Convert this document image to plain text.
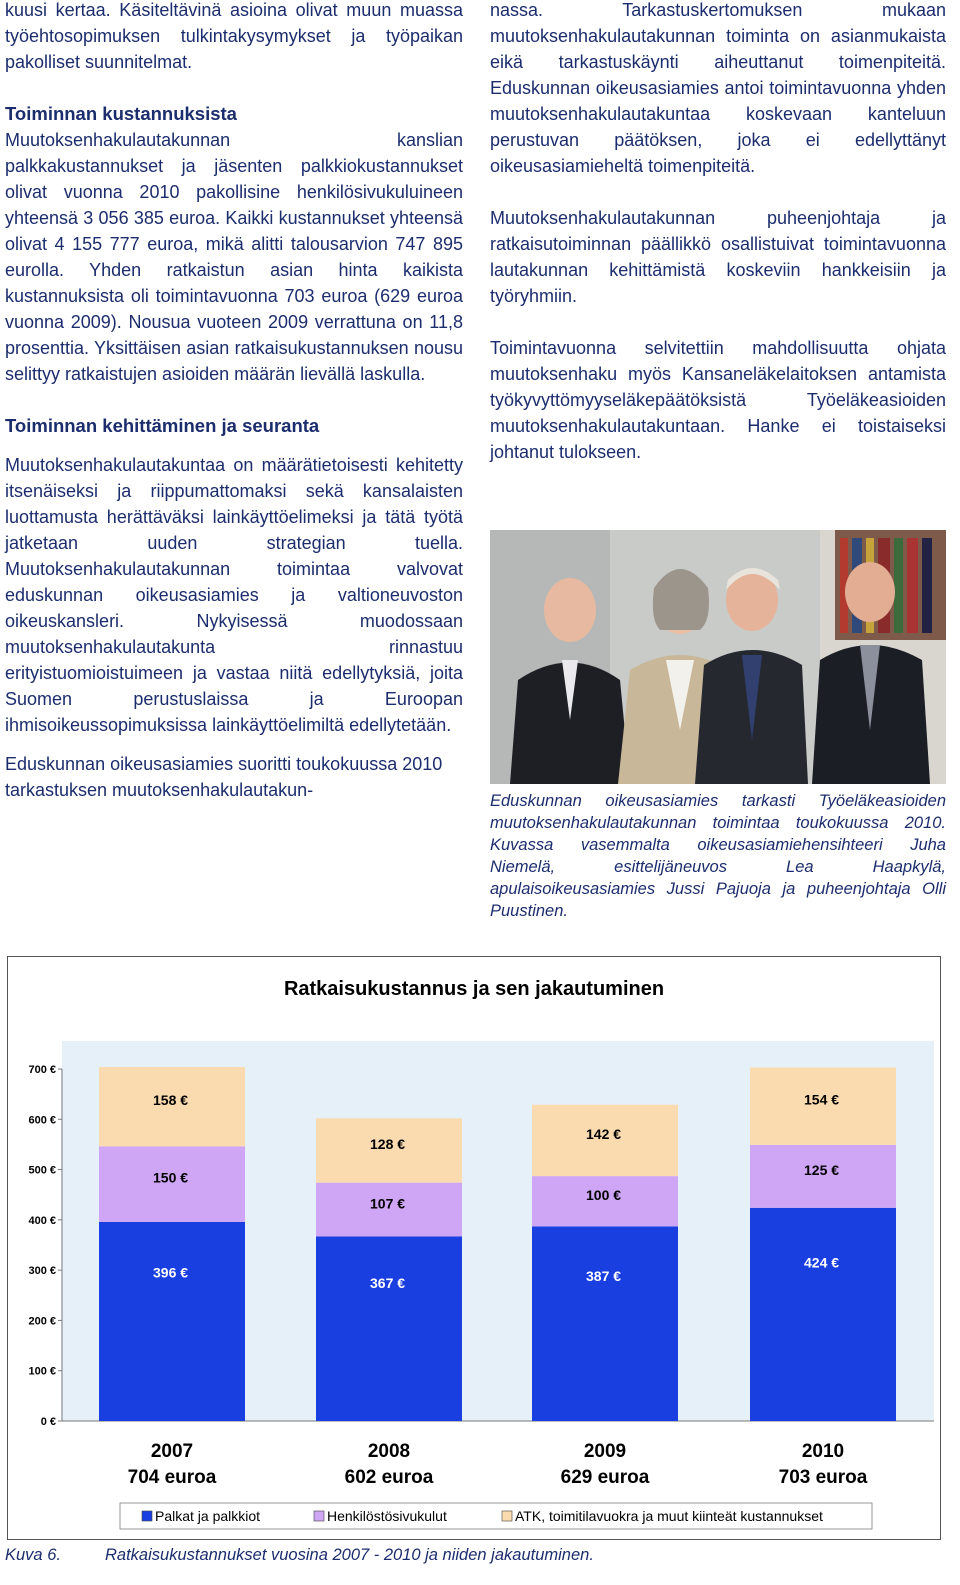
kuusi kertaa. Käsiteltävinä asioina olivat muun muassa työehtosopimuksen tulkintakysymykset ja työpaikan pakolliset suunnitelmat.

Toiminnan kustannuksista

Muutoksenhakulautakunnan kanslian palkkakustannukset ja jäsenten palkkiokustannukset olivat vuonna 2010 pakollisine henkilösivukuluineen yhteensä 3 056 385 euroa. Kaikki kustannukset yhteensä olivat 4 155 777 euroa, mikä alitti talousarvion 747 895 eurolla. Yhden ratkaistun asian hinta kaikista kustannuksista oli toimintavuonna 703 euroa (629 euroa vuonna 2009). Nousua vuoteen 2009 verrattuna on 11,8 prosenttia. Yksittäisen asian ratkaisukustannuksen nousu selittyy ratkaistujen asioiden määrän lievällä laskulla.

Toiminnan kehittäminen ja seuranta

Muutoksenhakulautakuntaa on määrätietoisesti kehitetty itsenäiseksi ja riippumattomaksi sekä kansalaisten luottamusta herättäväksi lainkäyttöelimeksi ja tätä työtä jatketaan uuden strategian tuella. Muutoksenhakulautakunnan toimintaa valvovat eduskunnan oikeusasiamies ja valtioneuvoston oikeuskansleri. Nykyisessä muodossaan muutoksenhakulautakunta rinnastuu erityistuomioistuimeen ja vastaa niitä edellytyksiä, joita Suomen perustuslaissa ja Euroopan ihmisoikeussopimuksissa lainkäyttöelimiltä edellytetään.

Eduskunnan oikeusasiamies suoritti toukokuussa 2010 tarkastuksen muutoksenhakulautakun-

nassa. Tarkastuskertomuksen mukaan muutoksenhakulautakunnan toiminta on asianmukaista eikä tarkastuskäynti aiheuttanut toimenpiteitä. Eduskunnan oikeusasiamies antoi toimintavuonna yhden muutoksenhakulautakuntaa koskevaan kanteluun perustuvan päätöksen, joka ei edellyttänyt oikeusasiamieheltä toimenpiteitä.

Muutoksenhakulautakunnan puheenjohtaja ja ratkaisutoiminnan päällikkö osallistuivat toimintavuonna lautakunnan kehittämistä koskeviin hankkeisiin ja työryhmiin.

Toimintavuonna selvitettiin mahdollisuutta ohjata muutoksenhaku myös Kansaneläkelaitoksen antamista työkyvyttömyyseläkepäätöksistä Työeläkeasioiden muutoksenhakulautakuntaan. Hanke ei toistaiseksi johtanut tulokseen.

Eduskunnan oikeusasiamies tarkasti Työeläkeasioiden muutoksenhakulautakunnan toimintaa toukokuussa 2010. Kuvassa vasemmalta oikeusasiamiehensihteeri Juha Niemelä, esittelijäneuvos Lea Haapkylä, apulaisoikeusasiamies Jussi Pajuoja ja puheenjohtaja Olli Puustinen.
Ratkaisukustannus ja sen jakautuminen
0 €
100 €
200 €
300 €
400 €
500 €
600 €
700 €
396 €
150 €
158 €
367 €
107 €
128 €
387 €
100 €
142 €
424 €
125 €
154 €
2007
704 euroa
2008
602 euroa
2009
629 euroa
2010
703 euroa
Palkat ja palkkiot	Henkilöstösivukulut	ATK, toimitilavuokra ja muut kiinteät kustannukset
Kuva 6.	Ratkaisukustannukset vuosina 2007 - 2010 ja niiden jakautuminen.
